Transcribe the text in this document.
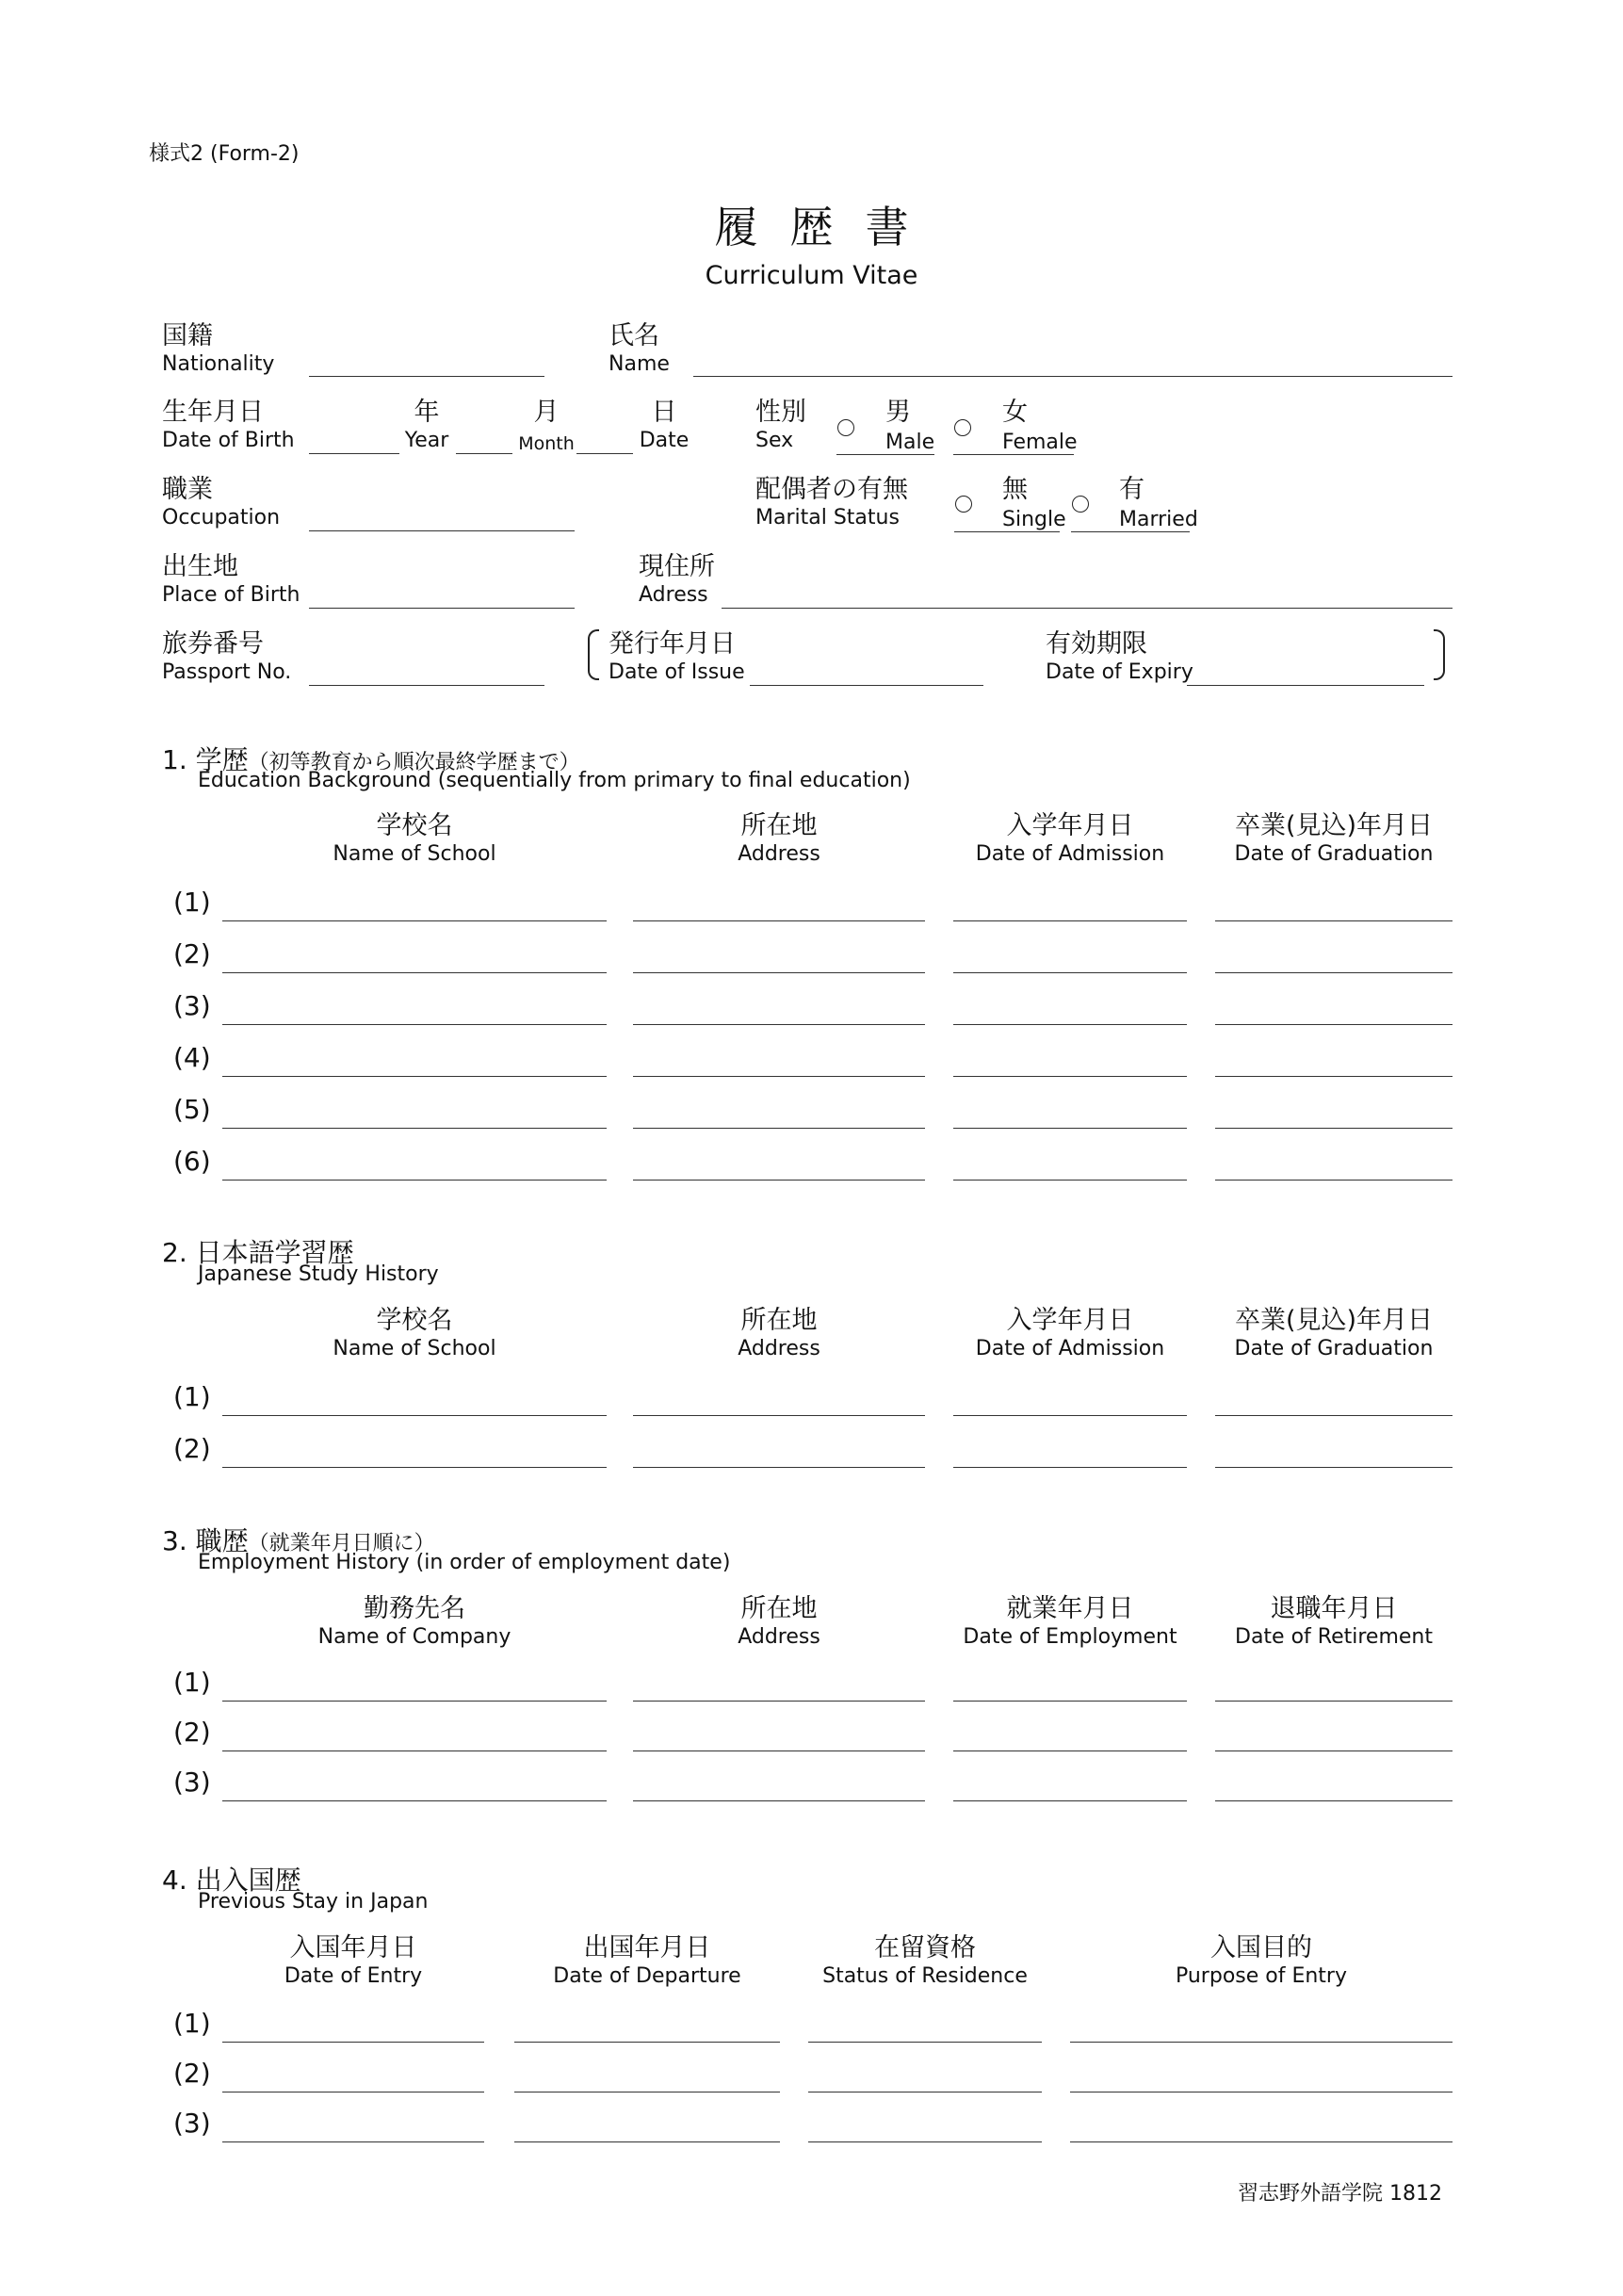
様式2 (Form-2)
履歴書
Curriculum Vitae
国籍
Nationality
氏名
Name
生年月日
Date of Birth
年
Year
月
Month
日
Date
性別
Sex
男
Male
女
Female
職業
Occupation
配偶者の有無
Marital Status
無
Single
有
Married
出生地
Place of Birth
現住所
Adress
旅券番号
Passport No.
発行年月日
Date of Issue
有効期限
Date of Expiry
1. 学歴（初等教育から順次最終学歴まで）
Education Background (sequentially from primary to final education)
学校名
Name of School
所在地
Address
入学年月日
Date of Admission
卒業(見込)年月日
Date of Graduation
(1)
(2)
(3)
(4)
(5)
(6)
2. 日本語学習歴
Japanese Study History
学校名
Name of School
所在地
Address
入学年月日
Date of Admission
卒業(見込)年月日
Date of Graduation
(1)
(2)
3. 職歴（就業年月日順に）
Employment History (in order of employment date)
勤務先名
Name of Company
所在地
Address
就業年月日
Date of Employment
退職年月日
Date of Retirement
(1)
(2)
(3)
4. 出入国歴
Previous Stay in Japan
入国年月日
Date of Entry
出国年月日
Date of Departure
在留資格
Status of Residence
入国目的
Purpose of Entry
(1)
(2)
(3)
習志野外語学院 1812
